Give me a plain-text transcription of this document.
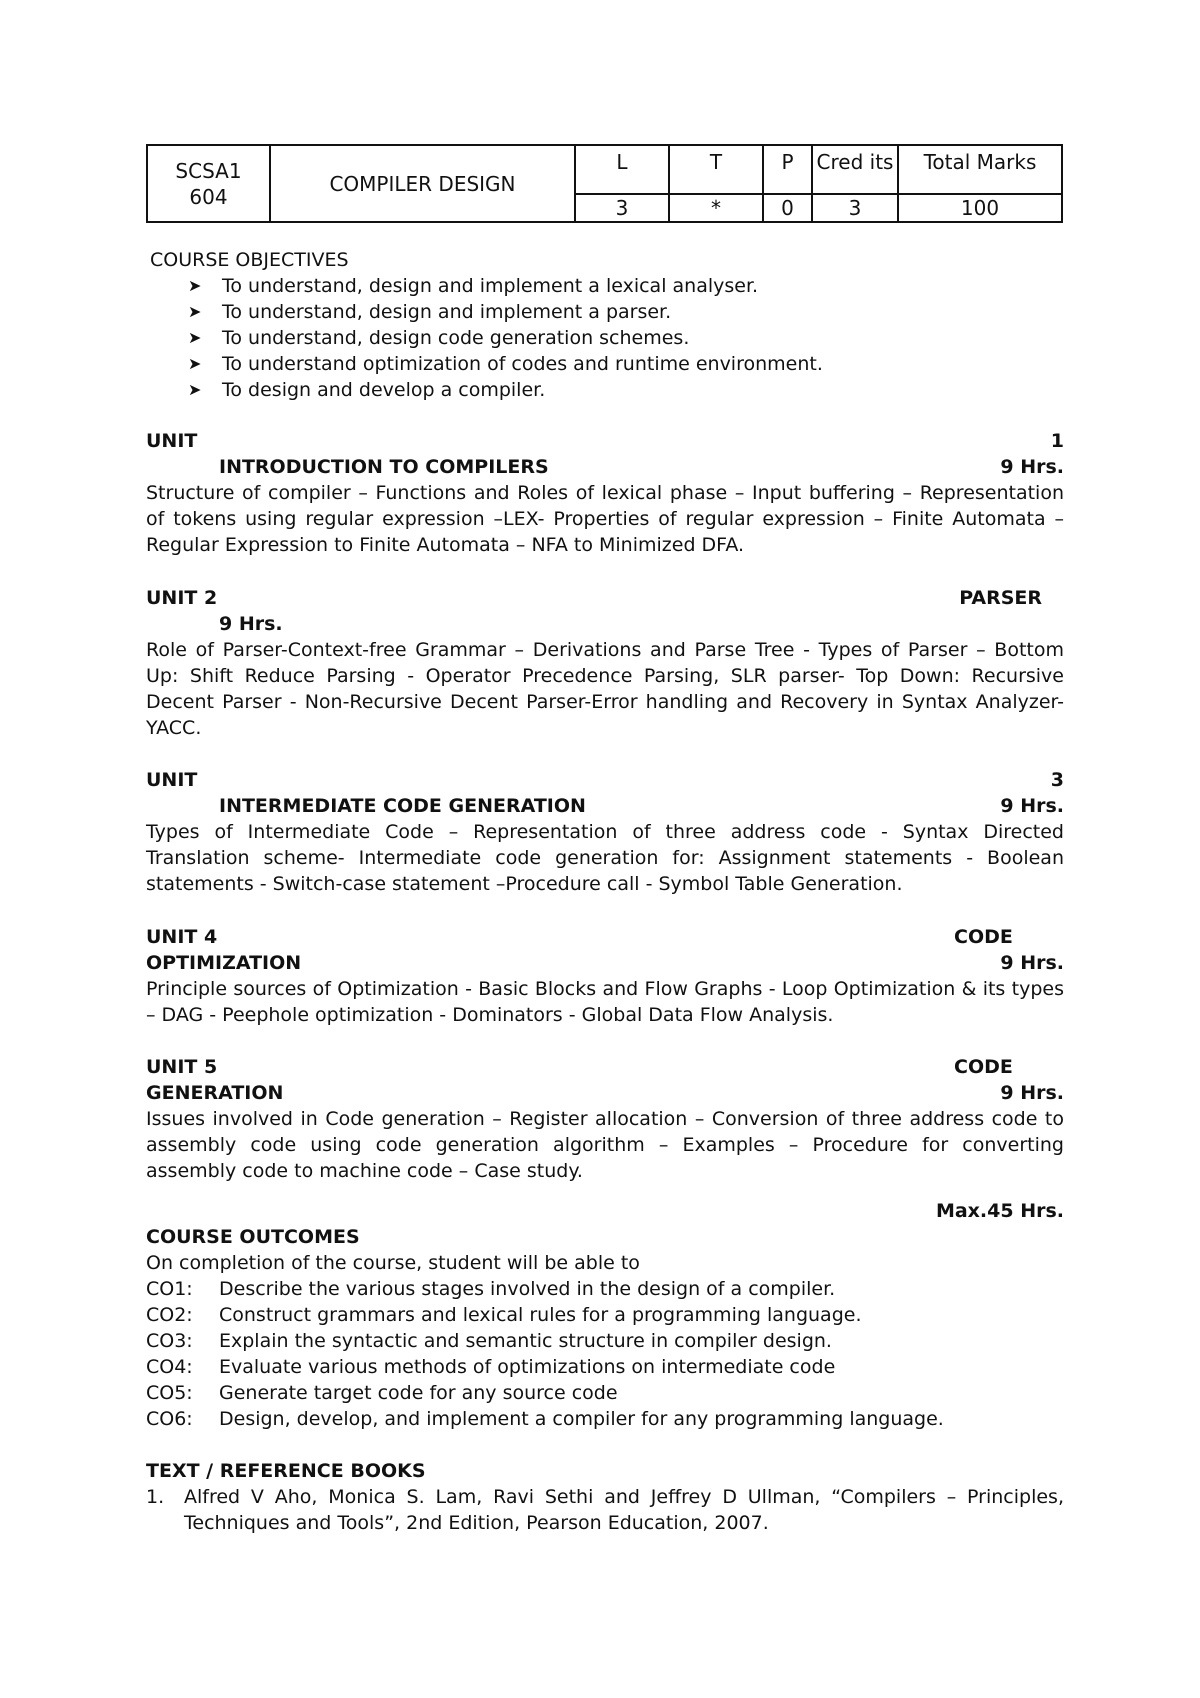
SCSA1
604	COMPILER DESIGN	L	T	P	Cred its	Total Marks

		3	*	0	3	100
COURSE OBJECTIVES
➤	To understand, design and implement a lexical analyser.
➤	To understand, design and implement a parser.
➤	To understand, design code generation schemes.
➤	To understand optimization of codes and runtime environment.
➤	To design and develop a compiler.
UNIT	1
INTRODUCTION TO COMPILERS	9 Hrs.
Structure of compiler – Functions and Roles of lexical phase – Input buffering – Representation of tokens using regular expression –LEX- Properties of regular expression – Finite Automata – Regular Expression to Finite Automata – NFA to Minimized DFA.
UNIT 2	PARSER
9 Hrs.
Role of Parser-Context-free Grammar – Derivations and Parse Tree - Types of Parser – Bottom Up: Shift Reduce Parsing - Operator Precedence Parsing, SLR parser- Top Down: Recursive Decent Parser - Non-Recursive Decent Parser-Error handling and Recovery in Syntax Analyzer-YACC.
UNIT	3
INTERMEDIATE CODE GENERATION	9 Hrs.
Types of Intermediate Code – Representation of three address code - Syntax Directed Translation scheme- Intermediate code generation for: Assignment statements - Boolean statements - Switch-case statement –Procedure call - Symbol Table Generation.
UNIT 4	CODE
OPTIMIZATION	9 Hrs.
Principle sources of Optimization - Basic Blocks and Flow Graphs - Loop Optimization & its types – DAG - Peephole optimization - Dominators - Global Data Flow Analysis.
UNIT 5	CODE
GENERATION	9 Hrs.
Issues involved in Code generation – Register allocation – Conversion of three address code to assembly code using code generation algorithm – Examples – Procedure for converting assembly code to machine code – Case study.
Max.45 Hrs.
COURSE OUTCOMES
On completion of the course, student will be able to
CO1:	Describe the various stages involved in the design of a compiler.
CO2:	Construct grammars and lexical rules for a programming language.
CO3:	Explain the syntactic and semantic structure in compiler design.
CO4:	Evaluate various methods of optimizations on intermediate code
CO5:	Generate target code for any source code
CO6:	Design, develop, and implement a compiler for any programming language.
TEXT / REFERENCE BOOKS
1.	Alfred V Aho, Monica S. Lam, Ravi Sethi and Jeffrey D Ullman, “Compilers – Principles, Techniques and Tools”, 2nd Edition, Pearson Education, 2007.
